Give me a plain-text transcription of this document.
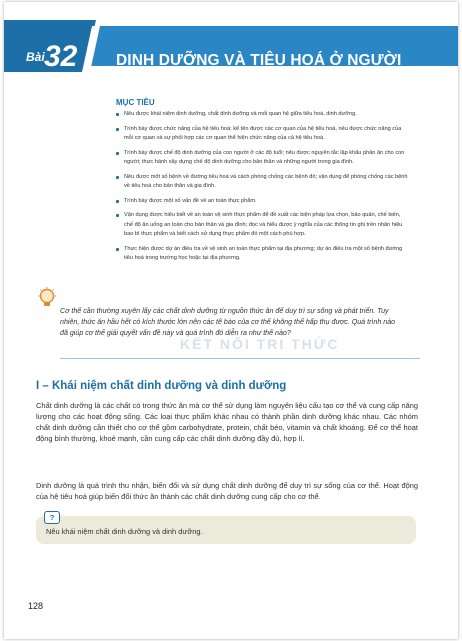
Bài 32 DINH DƯỠNG VÀ TIÊU HOÁ Ở NGƯỜI
MỤC TIÊU
Nêu được khái niệm dinh dưỡng, chất dinh dưỡng và mối quan hệ giữa tiêu hoá, dinh dưỡng.
Trình bày được chức năng của hệ tiêu hoá; kể tên được các cơ quan của hệ tiêu hoá, nêu được chức năng của mỗi cơ quan và sự phối hợp các cơ quan thể hiện chức năng của cả hệ tiêu hoá.
Trình bày được chế độ dinh dưỡng của con người ở các độ tuổi; nêu được nguyên tắc lập khẩu phần ăn cho con người; thực hành xây dựng chế độ dinh dưỡng cho bản thân và những người trong gia đình.
Nêu được một số bệnh về đường tiêu hoá và cách phòng chống các bệnh đó; vận dụng để phòng chống các bệnh về tiêu hoá cho bản thân và gia đình.
Trình bày được một số vấn đề về an toàn thực phẩm.
Vận dụng được hiểu biết về an toàn vệ sinh thực phẩm để đề xuất các biện pháp lựa chọn, bảo quản, chế biến, chế độ ăn uống an toàn cho bản thân và gia đình; đọc và hiểu được ý nghĩa của các thông tin ghi trên nhãn hiệu bao bì thực phẩm và biết cách sử dụng thực phẩm đó một cách phù hợp.
Thực hiện được dự án điều tra về vệ sinh an toàn thực phẩm tại địa phương; dự án điều tra một số bệnh đường tiêu hoá trong trường học hoặc tại địa phương.
Cơ thể cần thường xuyên lấy các chất dinh dưỡng từ nguồn thức ăn để duy trì sự sống và phát triển. Tuy nhiên, thức ăn hầu hết có kích thước lớn nên các tế bào của cơ thể không thể hấp thụ được. Quá trình nào đã giúp cơ thể giải quyết vấn đề này và quá trình đó diễn ra như thế nào?
KẾT NỐI TRI THỨC
I – Khái niệm chất dinh dưỡng và dinh dưỡng

Chất dinh dưỡng là các chất có trong thức ăn mà cơ thể sử dụng làm nguyên liệu cấu tạo cơ thể và cung cấp năng lượng cho các hoạt động sống. Các loại thực phẩm khác nhau có thành phần dinh dưỡng khác nhau. Các nhóm chất dinh dưỡng cần thiết cho cơ thể gồm carbohydrate, protein, chất béo, vitamin và chất khoáng. Để cơ thể hoạt động bình thường, khoẻ mạnh, cần cung cấp các chất dinh dưỡng đầy đủ, hợp lí.

Dinh dưỡng là quá trình thu nhận, biến đổi và sử dụng chất dinh dưỡng để duy trì sự sống của cơ thể. Hoạt động của hệ tiêu hoá giúp biến đổi thức ăn thành các chất dinh dưỡng cung cấp cho cơ thể.

?
Nêu khái niệm chất dinh dưỡng và dinh dưỡng.
128
